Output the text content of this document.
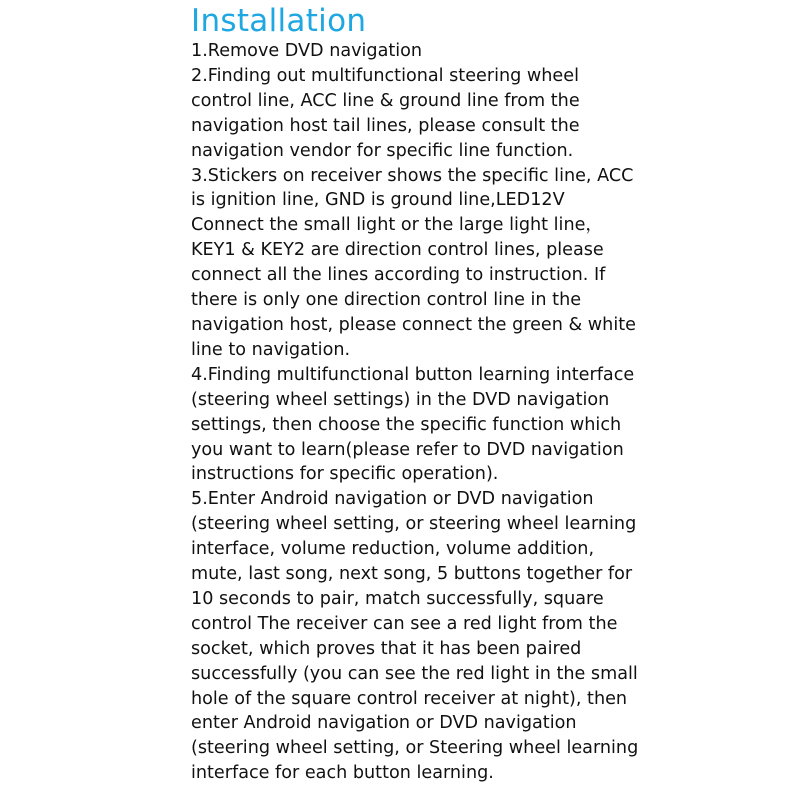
Installation
1.Remove DVD navigation
2.Finding out multifunctional steering wheel
control line, ACC line & ground line from the
navigation host tail lines, please consult the
navigation vendor for specific line function.
3.Stickers on receiver shows the specific line, ACC
is ignition line, GND is ground line,LED12V
Connect the small light or the large light line，
KEY1 & KEY2 are direction control lines, please
connect all the lines according to instruction. If
there is only one direction control line in the
navigation host, please connect the green & white
line to navigation.
4.Finding multifunctional button learning interface
(steering wheel settings) in the DVD navigation
settings, then choose the specific function which
you want to learn(please refer to DVD navigation
instructions for specific operation).
5.Enter Android navigation or DVD navigation
(steering wheel setting, or steering wheel learning
interface, volume reduction, volume addition,
mute, last song, next song, 5 buttons together for
10 seconds to pair, match successfully, square
control The receiver can see a red light from the
socket, which proves that it has been paired
successfully (you can see the red light in the small
hole of the square control receiver at night), then
enter Android navigation or DVD navigation
(steering wheel setting, or Steering wheel learning
interface for each button learning.
